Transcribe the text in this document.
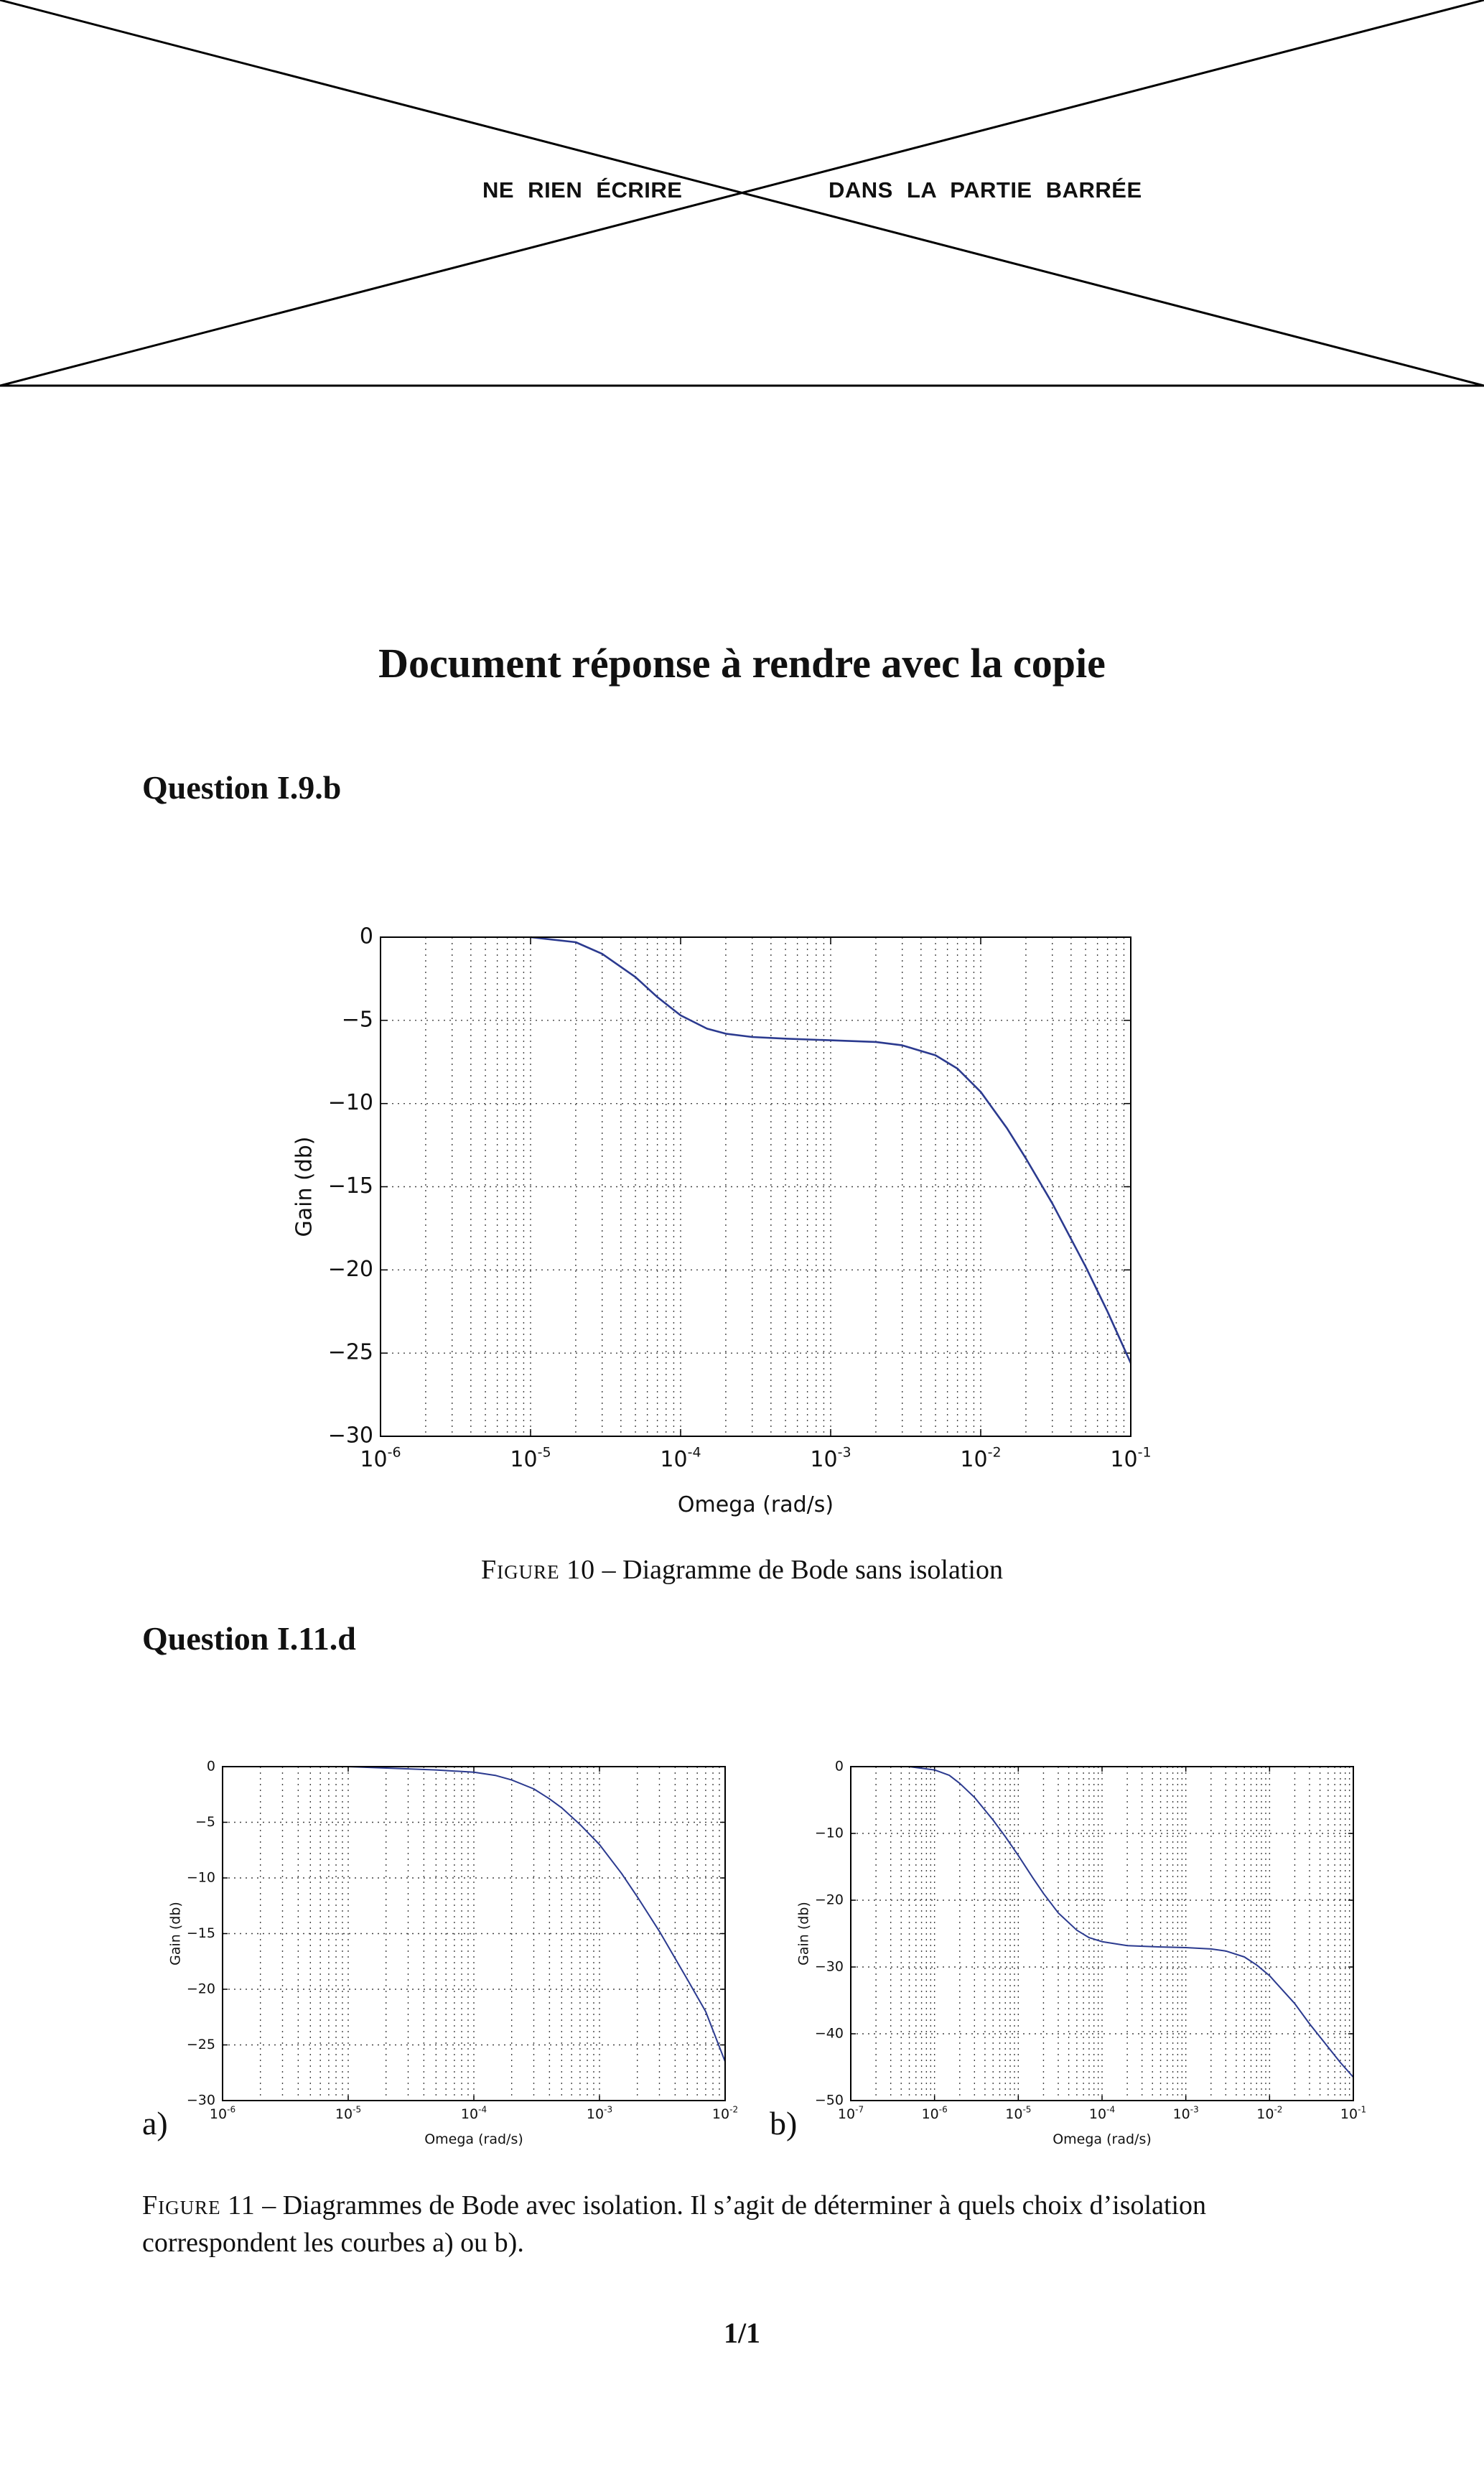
NE RIEN ÉCRIRE	DANS LA PARTIE BARRÉE
Document réponse à rendre avec la copie
Question I.9.b
0
−5
−10
−15
−20
−25
−30
$10^{-6}$	$10^{-5}$	$10^{-4}$	$10^{-3}$	$10^{-2}$	$10^{-1}$
Omega (rad/s)
Gain (db)

Figure 10 – Diagramme de Bode sans isolation

Question I.11.d
0
−5
−10
−15
−20
−25
−30
$10^{-6}$	$10^{-5}$	$10^{-4}$	$10^{-3}$	$10^{-2}$
Omega (rad/s)
Gain (db)
a)
0
−10
−20
−30
−40
−50
$10^{-7}$	$10^{-6}$	$10^{-5}$	$10^{-4}$	$10^{-3}$	$10^{-2}$	$10^{-1}$
Omega (rad/s)
Gain (db)
b)

Figure 11 – Diagrammes de Bode avec isolation. Il s’agit de déterminer à quels choix d’isolation correspondent les courbes a) ou b).

1/1
